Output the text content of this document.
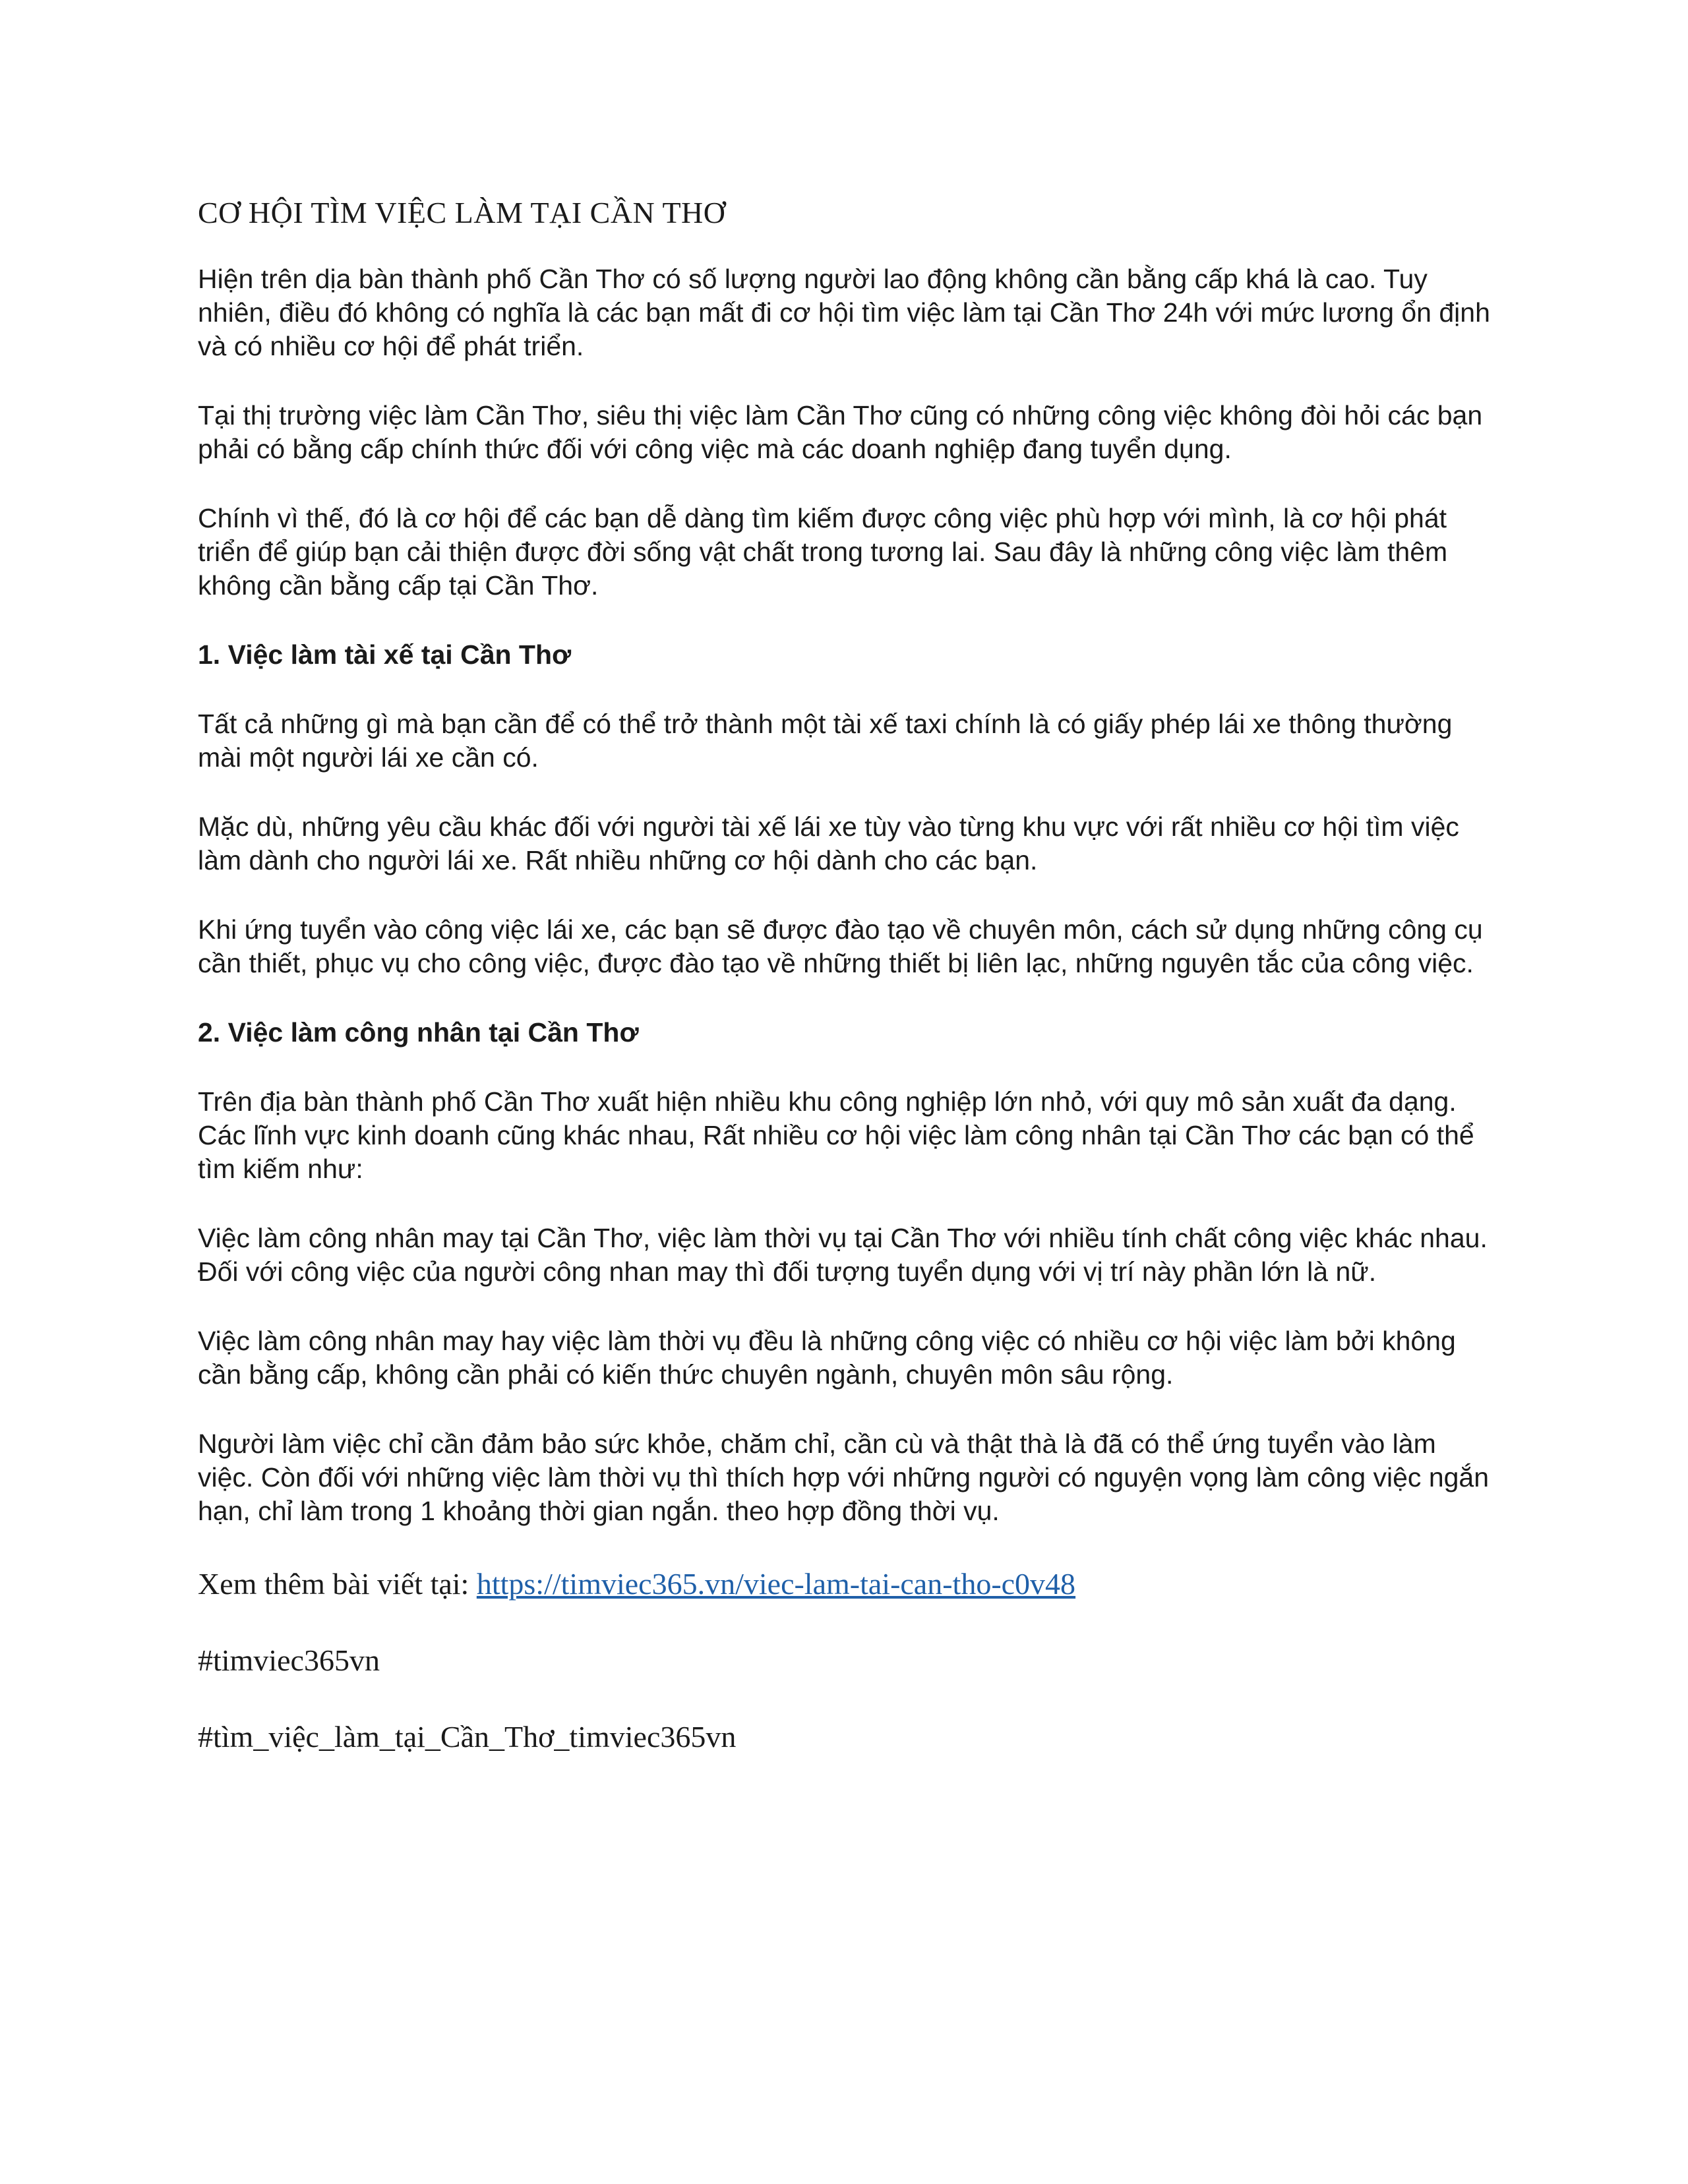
CƠ HỘI TÌM VIỆC LÀM TẠI CẦN THƠ

Hiện trên dịa bàn thành phố Cần Thơ có số lượng người lao động không cần bằng cấp khá là cao. Tuy nhiên, điều đó không có nghĩa là các bạn mất đi cơ hội tìm việc làm tại Cần Thơ 24h với mức lương ổn định và có nhiều cơ hội để phát triển.

Tại thị trường việc làm Cần Thơ, siêu thị việc làm Cần Thơ cũng có những công việc không đòi hỏi các bạn phải có bằng cấp chính thức đối với công việc mà các doanh nghiệp đang tuyển dụng.

Chính vì thế, đó là cơ hội để các bạn dễ dàng tìm kiếm được công việc phù hợp với mình, là cơ hội phát triển để giúp bạn cải thiện được đời sống vật chất trong tương lai. Sau đây là những công việc làm thêm không cần bằng cấp tại Cần Thơ.

1. Việc làm tài xế tại Cần Thơ

Tất cả những gì mà bạn cần để có thể trở thành một tài xế taxi chính là có giấy phép lái xe thông thường mài một người lái xe cần có.

Mặc dù, những yêu cầu khác đối với người tài xế lái xe tùy vào từng khu vực với rất nhiều cơ hội tìm việc làm dành cho người lái xe. Rất nhiều những cơ hội dành cho các bạn.

Khi ứng tuyển vào công việc lái xe, các bạn sẽ được đào tạo về chuyên môn, cách sử dụng những công cụ cần thiết, phục vụ cho công việc, được đào tạo về những thiết bị liên lạc, những nguyên tắc của công việc.

2. Việc làm công nhân tại Cần Thơ

Trên địa bàn thành phố Cần Thơ xuất hiện nhiều khu công nghiệp lớn nhỏ, với quy mô sản xuất đa dạng. Các lĩnh vực kinh doanh cũng khác nhau, Rất nhiều cơ hội việc làm công nhân tại Cần Thơ các bạn có thể tìm kiếm như:

Việc làm công nhân may tại Cần Thơ, việc làm thời vụ tại Cần Thơ với nhiều tính chất công việc khác nhau. Đối với công việc của người công nhan may thì đối tượng tuyển dụng với vị trí này phần lớn là nữ.

Việc làm công nhân may hay việc làm thời vụ đều là những công việc có nhiều cơ hội việc làm bởi không cần bằng cấp, không cần phải có kiến thức chuyên ngành, chuyên môn sâu rộng.

Người làm việc chỉ cần đảm bảo sức khỏe, chăm chỉ, cần cù và thật thà là đã có thể ứng tuyển vào làm việc. Còn đối với những việc làm thời vụ thì thích hợp với những người có nguyện vọng làm công việc ngắn hạn, chỉ làm trong 1 khoảng thời gian ngắn. theo hợp đồng thời vụ.

Xem thêm bài viết tại: https://timviec365.vn/viec-lam-tai-can-tho-c0v48
#timviec365vn
#tìm_việc_làm_tại_Cần_Thơ_timviec365vn
